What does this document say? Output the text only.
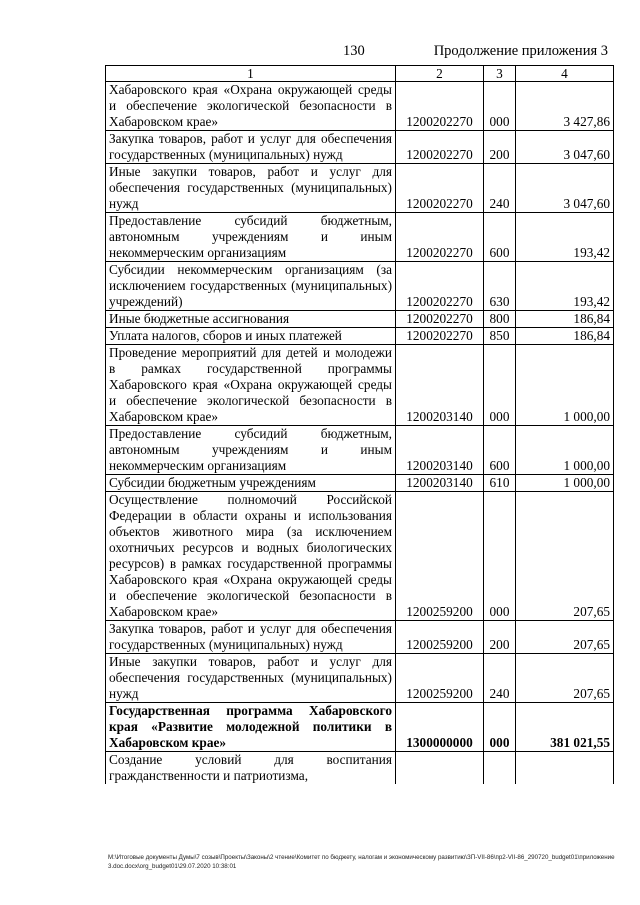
130	Продолжение приложения 3
1	2	3	4
Хабаровского края «Охрана окружающей среды и обеспечение экологической безопасности в Хабаровском крае»	1200202270	000	3 427,86
Закупка товаров, работ и услуг для обеспечения государственных (муниципальных) нужд	1200202270	200	3 047,60
Иные закупки товаров, работ и услуг для обеспечения государственных (муниципальных) нужд	1200202270	240	3 047,60
Предоставление субсидий бюджетным, автономным учреждениям и иным некоммерческим организациям	1200202270	600	193,42
Субсидии некоммерческим организациям (за исключением государственных (муниципальных) учреждений)	1200202270	630	193,42
Иные бюджетные ассигнования	1200202270	800	186,84
Уплата налогов, сборов и иных платежей	1200202270	850	186,84
Проведение мероприятий для детей и молодежи в рамках государственной программы Хабаровского края «Охрана окружающей среды и обеспечение экологической безопасности в Хабаровском крае»	1200203140	000	1 000,00
Предоставление субсидий бюджетным, автономным учреждениям и иным некоммерческим организациям	1200203140	600	1 000,00
Субсидии бюджетным учреждениям	1200203140	610	1 000,00
Осуществление полномочий Российской Федерации в области охраны и использования объектов животного мира (за исключением охотничьих ресурсов и водных биологических ресурсов) в рамках государственной программы Хабаровского края «Охрана окружающей среды и обеспечение экологической безопасности в Хабаровском крае»	1200259200	000	207,65
Закупка товаров, работ и услуг для обеспечения государственных (муниципальных) нужд	1200259200	200	207,65
Иные закупки товаров, работ и услуг для обеспечения государственных (муниципальных) нужд	1200259200	240	207,65
Государственная программа Хабаровского края «Развитие молодежной политики в Хабаровском крае»	1300000000	000	381 021,55
Создание условий для воспитания гражданственности и патриотизма,			
M:\Итоговые документы Думы\7 созыв\Проекты\Законы\2 чтение\Комитет по бюджету, налогам и экономическому развитию\ЗП-VII-86\пр2-VII-86_290720_budget01\приложение3.doc.docx\org_budget01\29.07.2020 10:38:01
